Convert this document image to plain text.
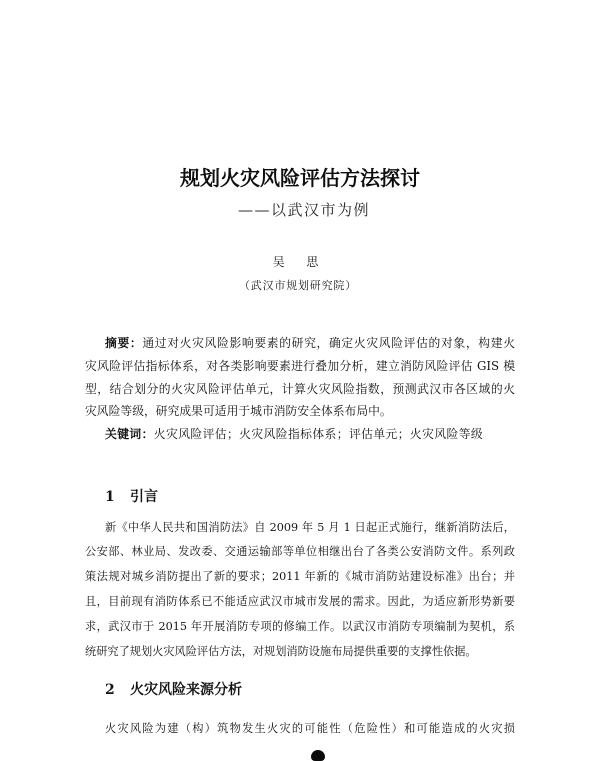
规划火灾风险评估方法探讨
——以武汉市为例
吴 思
（武汉市规划研究院）
摘要：通过对火灾风险影响要素的研究，确定火灾风险评估的对象，构建火
灾风险评估指标体系，对各类影响要素进行叠加分析，建立消防风险评估 GIS 模
型，结合划分的火灾风险评估单元，计算火灾风险指数，预测武汉市各区域的火
灾风险等级，研究成果可适用于城市消防安全体系布局中。
关键词：火灾风险评估；火灾风险指标体系；评估单元；火灾风险等级
1 引言
新《中华人民共和国消防法》自 2009 年 5 月 1 日起正式施行，继新消防法后，
公安部、林业局、发改委、交通运输部等单位相继出台了各类公安消防文件。系列政
策法规对城乡消防提出了新的要求；2011 年新的《城市消防站建设标准》出台；并
且，目前现有消防体系已不能适应武汉市城市发展的需求。因此，为适应新形势新要
求，武汉市于 2015 年开展消防专项的修编工作。以武汉市消防专项编制为契机，系
统研究了规划火灾风险评估方法，对规划消防设施布局提供重要的支撑性依据。
2 火灾风险来源分析
火灾风险为建（构）筑物发生火灾的可能性（危险性）和可能造成的火灾损
